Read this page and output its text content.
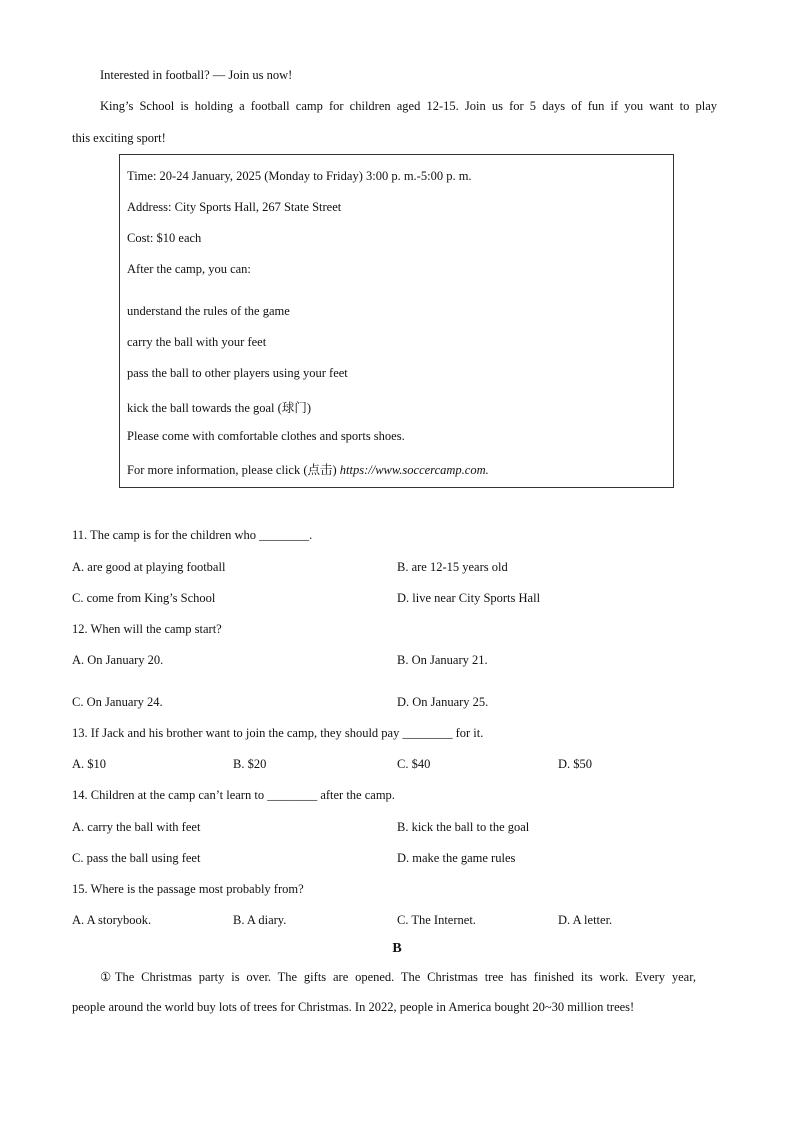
Interested in football? — Join us now!
King’s School is holding a football camp for children aged 12-15. Join us for 5 days of fun if you want to play
this exciting sport!
Time: 20-24 January, 2025 (Monday to Friday) 3:00 p. m.-5:00 p. m.
Address: City Sports Hall, 267 State Street
Cost: $10 each
After the camp, you can:
understand the rules of the game
carry the ball with your feet
pass the ball to other players using your feet
kick the ball towards the goal (球门)
Please come with comfortable clothes and sports shoes.
For more information, please click (点击) https://www.soccercamp.com.
11. The camp is for the children who ________.
A. are good at playing football	B. are 12-15 years old
C. come from King’s School	D. live near City Sports Hall
12. When will the camp start?
A. On January 20.	B. On January 21.
C. On January 24.	D. On January 25.
13. If Jack and his brother want to join the camp, they should pay ________ for it.
A. $10	B. $20	C. $40	D. $50
14. Children at the camp can’t learn to ________ after the camp.
A. carry the ball with feet	B. kick the ball to the goal
C. pass the ball using feet	D. make the game rules
15. Where is the passage most probably from?
A. A storybook.	B. A diary.	C. The Internet.	D. A letter.
B
①The Christmas party is over. The gifts are opened. The Christmas tree has finished its work. Every year,
people around the world buy lots of trees for Christmas. In 2022, people in America bought 20~30 million trees!
